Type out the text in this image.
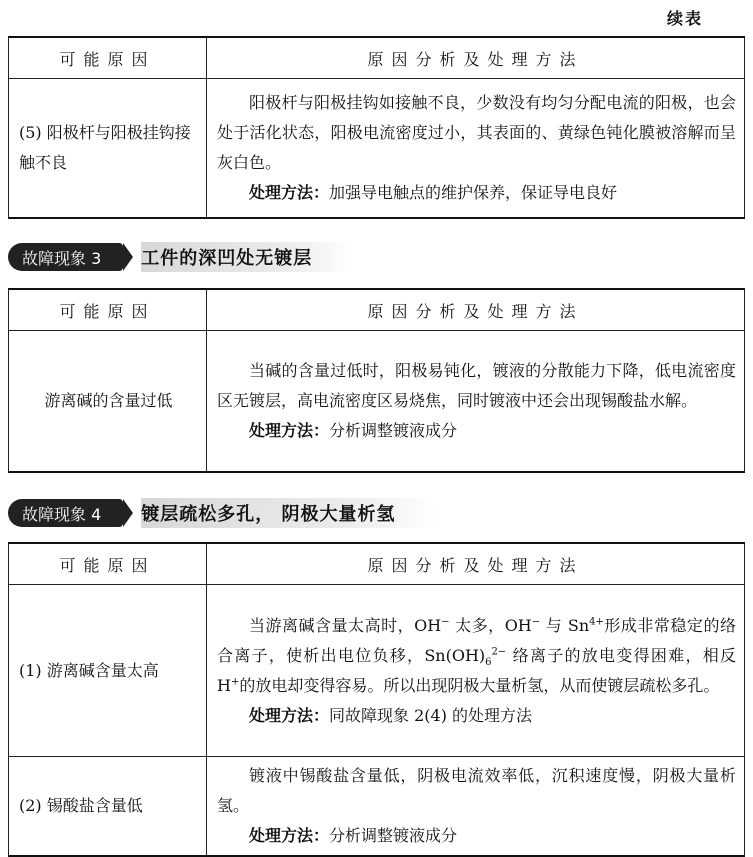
续表
可能原因	原因分析及处理方法
(5) 阳极杆与阳极挂钩接触不良	阳极杆与阳极挂钩如接触不良，少数没有均匀分配电流的阳极，也会处于活化状态，阳极电流密度过小，其表面的、黄绿色钝化膜被溶解而呈灰白色。

处理方法：加强导电触点的维护保养，保证导电良好
故障现象 3	工件的深凹处无镀层
可能原因	原因分析及处理方法
游离碱的含量过低	当碱的含量过低时，阳极易钝化，镀液的分散能力下降，低电流密度区无镀层，高电流密度区易烧焦，同时镀液中还会出现锡酸盐水解。

处理方法：分析调整镀液成分
故障现象 4	镀层疏松多孔， 阴极大量析氢
可能原因	原因分析及处理方法
(1) 游离碱含量太高	当游离碱含量太高时，OH− 太多，OH− 与 $Sn^{4+}$形成非常稳定的络合离子，使析出电位负移，$Sn(OH)_6^{2-}$ 络离子的放电变得困难，相反 H+的放电却变得容易。所以出现阴极大量析氢，从而使镀层疏松多孔。

处理方法：同故障现象 2(4) 的处理方法

(2) 锡酸盐含量低	镀液中锡酸盐含量低，阴极电流效率低，沉积速度慢，阴极大量析氢。

处理方法：分析调整镀液成分
